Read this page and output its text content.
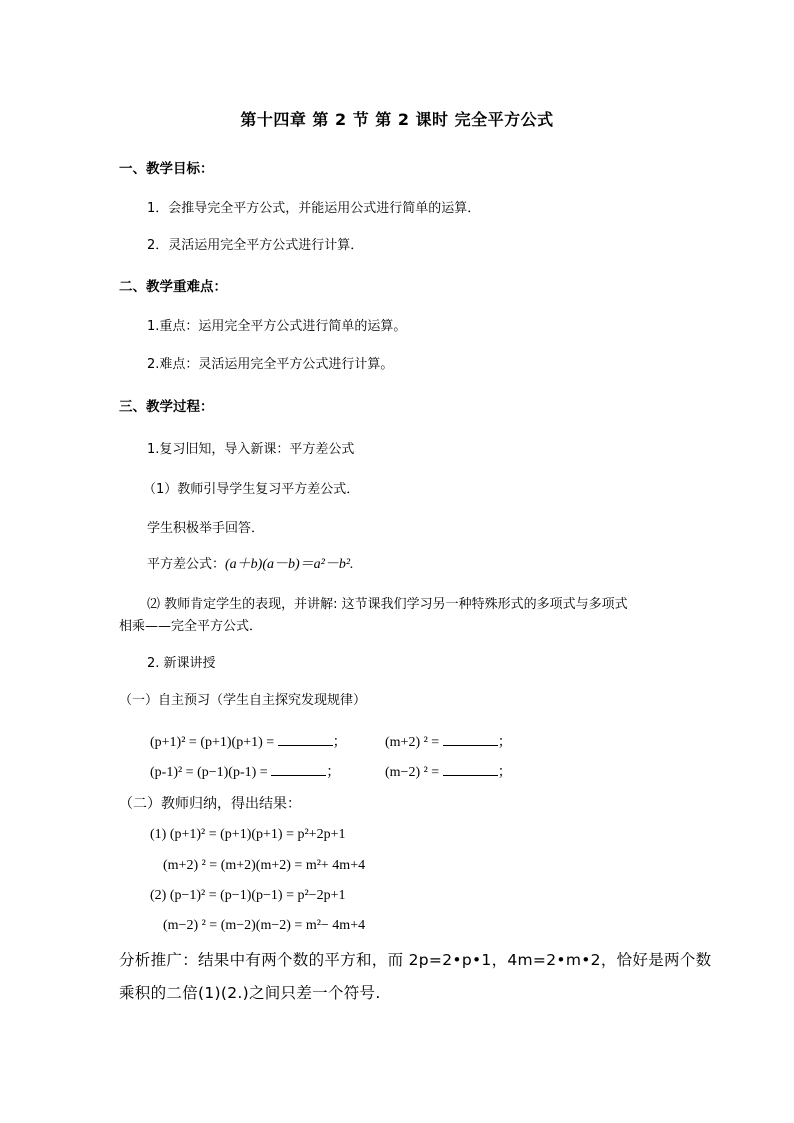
第十四章 第 2 节 第 2 课时 完全平方公式
一、教学目标：
1．会推导完全平方公式，并能运用公式进行简单的运算．
2．灵活运用完全平方公式进行计算．
二、教学重难点：
1.重点：运用完全平方公式进行简单的运算。
2.难点：灵活运用完全平方公式进行计算。
三、教学过程：
1.复习旧知，导入新课：平方差公式
（1）教师引导学生复习平方差公式．
学生积极举手回答．
平方差公式：(a＋b)(a－b)＝a²－b².
⑵ 教师肯定学生的表现，并讲解: 这节课我们学习另一种特殊形式的多项式与多项式
相乘——完全平方公式．
2. 新课讲授
（一）自主预习（学生自主探究发现规律）
(p+1)² = (p+1)(p+1) =	；	(m+2) ² =	；
(p-1)² = (p−1)(p-1) =	；	(m−2) ² =	；
（二）教师归纳，得出结果：
(1) (p+1)² = (p+1)(p+1) = p²+2p+1
(m+2) ² = (m+2)(m+2) = m²+ 4m+4
(2) (p−1)² = (p−1)(p−1) = p²−2p+1
(m−2) ² = (m−2)(m−2) = m²− 4m+4
分析推广：结果中有两个数的平方和，而 2p=2•p•1，4m=2•m•2，恰好是两个数
乘积的二倍(1)(2.)之间只差一个符号.
